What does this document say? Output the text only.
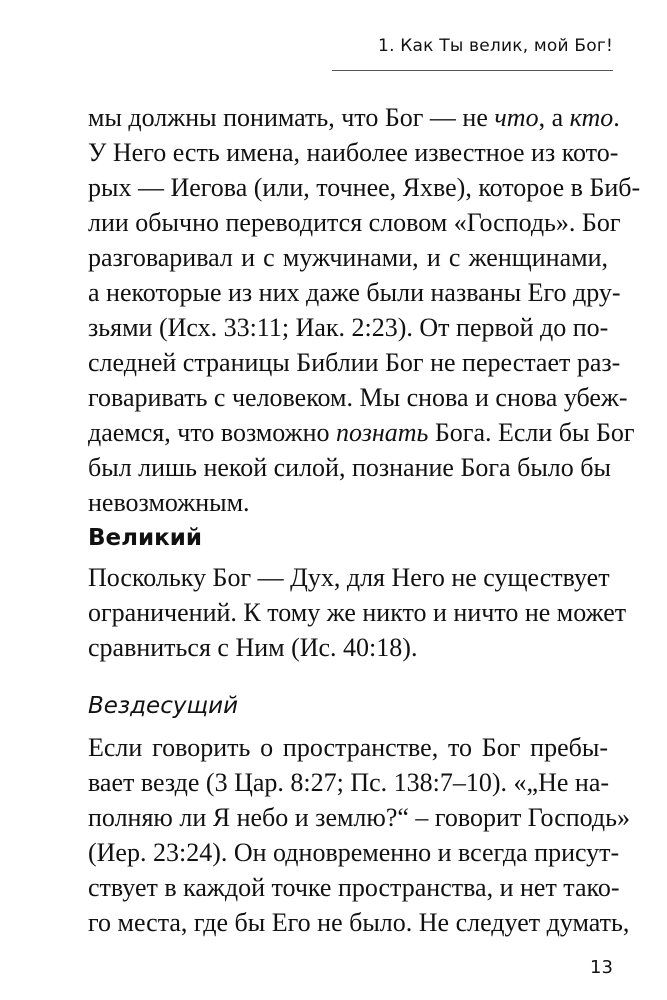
1. Как Ты велик, мой Бог!
мы должны понимать, что Бог — не что, а кто.
У Него есть имена, наиболее известное из кото-
рых — Иегова (или, точнее, Яхве), которое в Биб-
лии обычно переводится словом «Господь». Бог
разговаривал и с мужчинами, и с женщинами,
а некоторые из них даже были названы Его дру-
зьями (Исх. 33:11; Иак. 2:23). От первой до по-
следней страницы Библии Бог не перестает раз-
говаривать с человеком. Мы снова и снова убеж-
даемся, что возможно познать Бога. Если бы Бог
был лишь некой силой, познание Бога было бы
невозможным.
Великий
Поскольку Бог — Дух, для Него не существует
ограничений. К тому же никто и ничто не может
сравниться с Ним (Ис. 40:18).
Вездесущий
Если говорить о пространстве, то Бог пребы-
вает везде (3 Цар. 8:27; Пс. 138:7–10). «„Не на-
полняю ли Я небо и землю?“ – говорит Господь»
(Иер. 23:24). Он одновременно и всегда присут-
ствует в каждой точке пространства, и нет тако-
го места, где бы Его не было. Не следует думать,
13
